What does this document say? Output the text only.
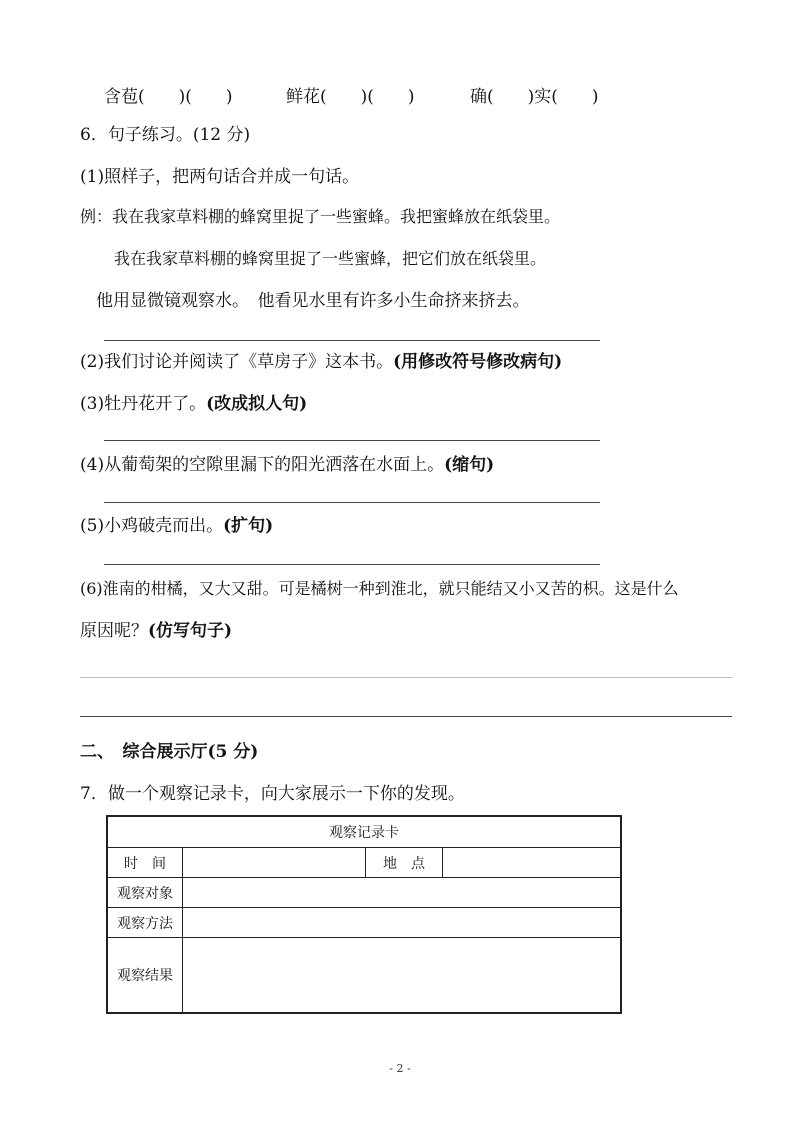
含苞(　　)(　　)	鲜花(　　)(　　)	确(　　)实(　　)
6．句子练习。(12 分)
(1)照样子，把两句话合并成一句话。
例：我在我家草料棚的蜂窝里捉了一些蜜蜂。我把蜜蜂放在纸袋里。
我在我家草料棚的蜂窝里捉了一些蜜蜂，把它们放在纸袋里。
他用显微镜观察水。　他看见水里有许多小生命挤来挤去。
(2)我们讨论并阅读了《草房子》这本书。(用修改符号修改病句)
(3)牡丹花开了。(改成拟人句)
(4)从葡萄架的空隙里漏下的阳光洒落在水面上。(缩句)
(5)小鸡破壳而出。(扩句)
(6)淮南的柑橘，又大又甜。可是橘树一种到淮北，就只能结又小又苦的枳。这是什么
原因呢？(仿写句子)
二、　综合展示厅(5 分)
7．做一个观察记录卡，向大家展示一下你的发现。
观察记录卡			
时　间		地　点	
观察对象			
观察方法			
观察结果			
- 2 -
